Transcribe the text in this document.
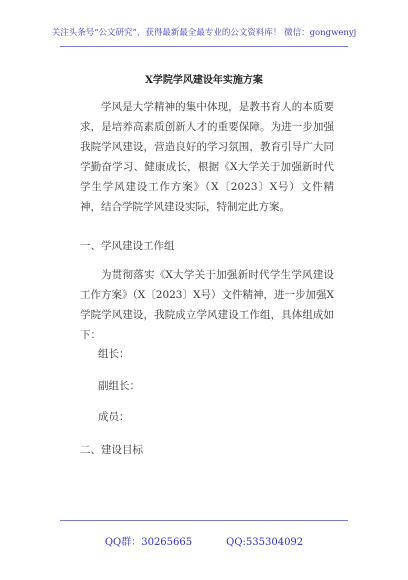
关注头条号“公文研究”，获得最新最全最专业的公文资料库！ 微信：gongwenyj
X学院学风建设年实施方案

学风是大学精神的集中体现，是教书育人的本质要求，是培养高素质创新人才的重要保障。为进一步加强我院学风建设，营造良好的学习氛围，教育引导广大同学勤奋学习、健康成长，根据《X大学关于加强新时代学生学风建设工作方案》（X〔2023〕X号）文件精神，结合学院学风建设实际，特制定此方案。

一、学风建设工作组

为贯彻落实《X大学关于加强新时代学生学风建设工作方案》（X〔2023〕X号）文件精神，进一步加强X学院学风建设，我院成立学风建设工作组，具体组成如下：

组长：
副组长：
成员：
二、建设目标
QQ群：30265665	QQ:535304092
